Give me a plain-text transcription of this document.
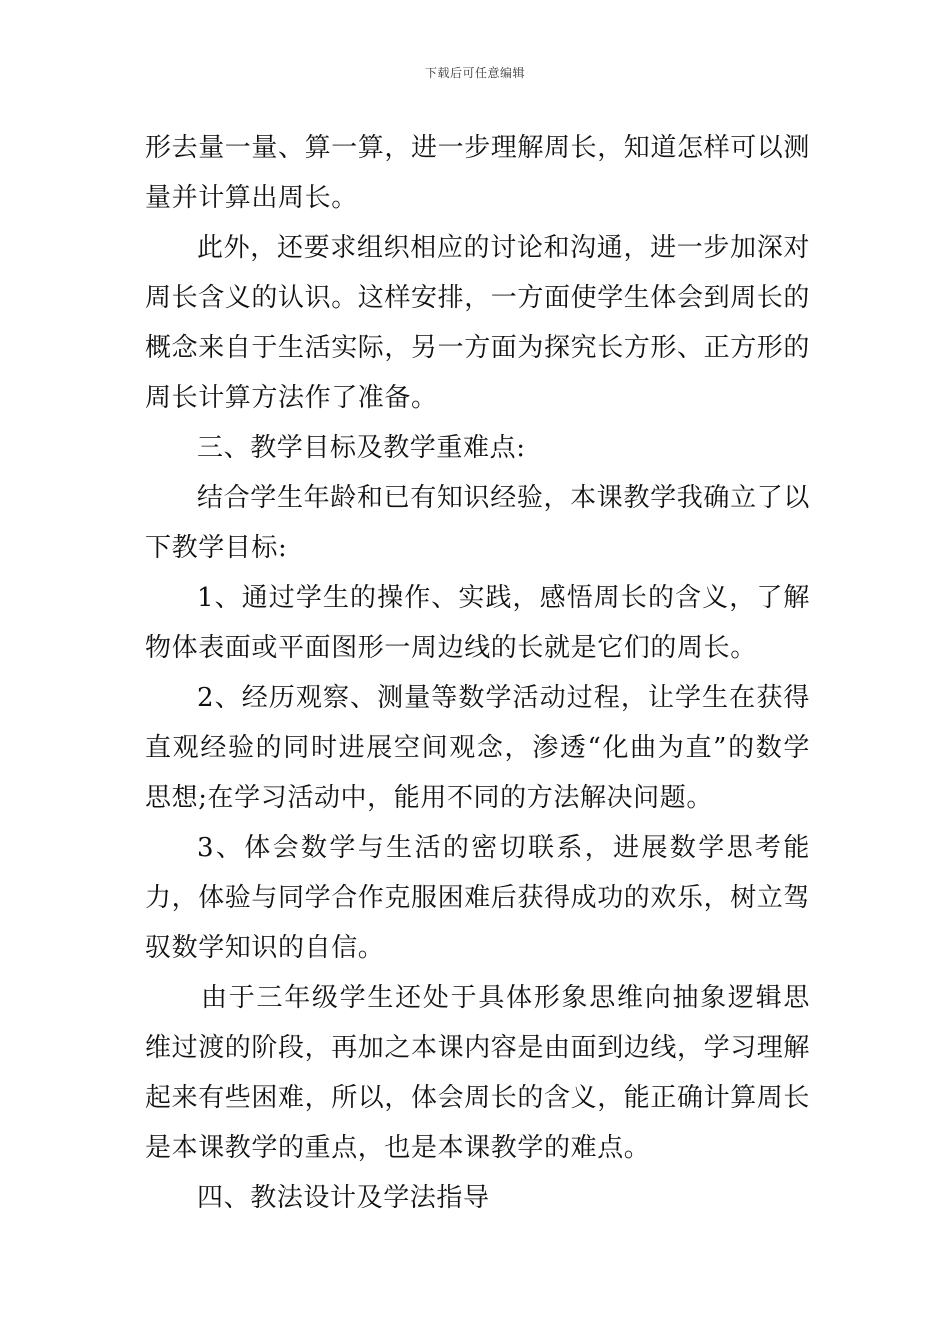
下载后可任意编辑

形去量一量、算一算，进一步理解周长，知道怎样可以测量并计算出周长。

此外，还要求组织相应的讨论和沟通，进一步加深对周长含义的认识。这样安排，一方面使学生体会到周长的概念来自于生活实际，另一方面为探究长方形、正方形的周长计算方法作了准备。

三、教学目标及教学重难点:

结合学生年龄和已有知识经验，本课教学我确立了以下教学目标:

1、通过学生的操作、实践，感悟周长的含义，了解物体表面或平面图形一周边线的长就是它们的周长。

2、经历观察、测量等数学活动过程，让学生在获得直观经验的同时进展空间观念，渗透“化曲为直”的数学思想;在学习活动中，能用不同的方法解决问题。

3、体会数学与生活的密切联系，进展数学思考能力，体验与同学合作克服困难后获得成功的欢乐，树立驾驭数学知识的自信。

由于三年级学生还处于具体形象思维向抽象逻辑思维过渡的阶段，再加之本课内容是由面到边线，学习理解起来有些困难，所以，体会周长的含义，能正确计算周长是本课教学的重点，也是本课教学的难点。

四、教法设计及学法指导
